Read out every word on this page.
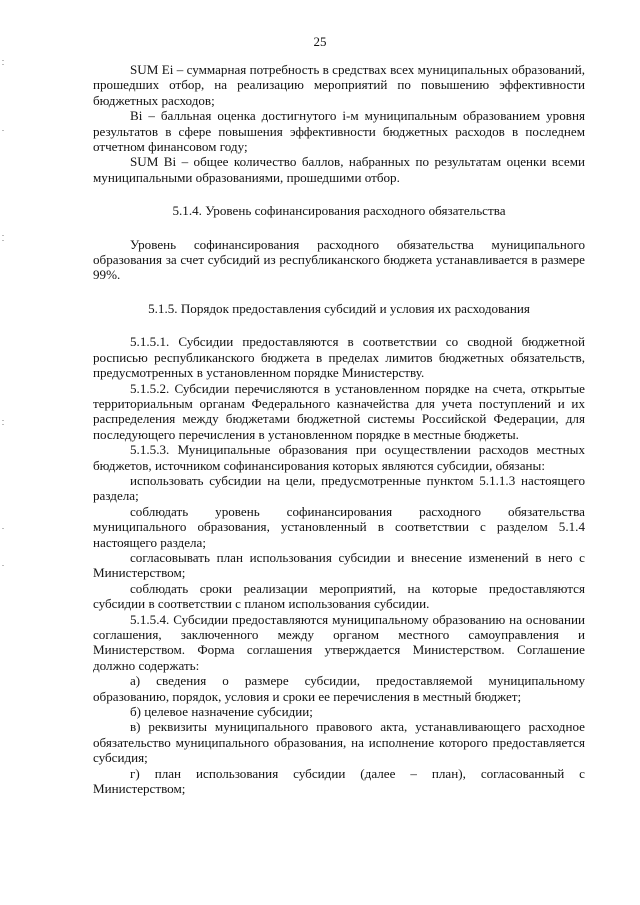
25

SUM Ei – суммарная потребность в средствах всех муниципальных образований, прошедших отбор, на реализацию мероприятий по повышению эффективности бюджетных расходов;

Bi – балльная оценка достигнутого i-м муниципальным образованием уровня результатов в сфере повышения эффективности бюджетных расходов в последнем отчетном финансовом году;

SUM Bi – общее количество баллов, набранных по результатам оценки всеми муниципальными образованиями, прошедшими отбор.

5.1.4. Уровень софинансирования расходного обязательства

Уровень софинансирования расходного обязательства муниципального образования за счет субсидий из республиканского бюджета устанавливается в размере 99%.

5.1.5. Порядок предоставления субсидий и условия их расходования

5.1.5.1. Субсидии предоставляются в соответствии со сводной бюджетной росписью республиканского бюджета в пределах лимитов бюджетных обязательств, предусмотренных в установленном порядке Министерству.

5.1.5.2. Субсидии перечисляются в установленном порядке на счета, открытые территориальным органам Федерального казначейства для учета поступлений и их распределения между бюджетами бюджетной системы Российской Федерации, для последующего перечисления в установленном порядке в местные бюджеты.

5.1.5.3. Муниципальные образования при осуществлении расходов местных бюджетов, источником софинансирования которых являются субсидии, обязаны:

использовать субсидии на цели, предусмотренные пунктом 5.1.1.3 настоящего раздела;

соблюдать уровень софинансирования расходного обязательства муниципального образования, установленный в соответствии с разделом 5.1.4 настоящего раздела;

согласовывать план использования субсидии и внесение изменений в него с Министерством;

соблюдать сроки реализации мероприятий, на которые предоставляются субсидии в соответствии с планом использования субсидии.

5.1.5.4. Субсидии предоставляются муниципальному образованию на основании соглашения, заключенного между органом местного самоуправления и Министерством. Форма соглашения утверждается Министерством. Соглашение должно содержать:

а) сведения о размере субсидии, предоставляемой муниципальному образованию, порядок, условия и сроки ее перечисления в местный бюджет;

б) целевое назначение субсидии;

в) реквизиты муниципального правового акта, устанавливающего расходное обязательство муниципального образования, на исполнение которого предоставляется субсидия;

г) план использования субсидии (далее – план), согласованный с Министерством;
